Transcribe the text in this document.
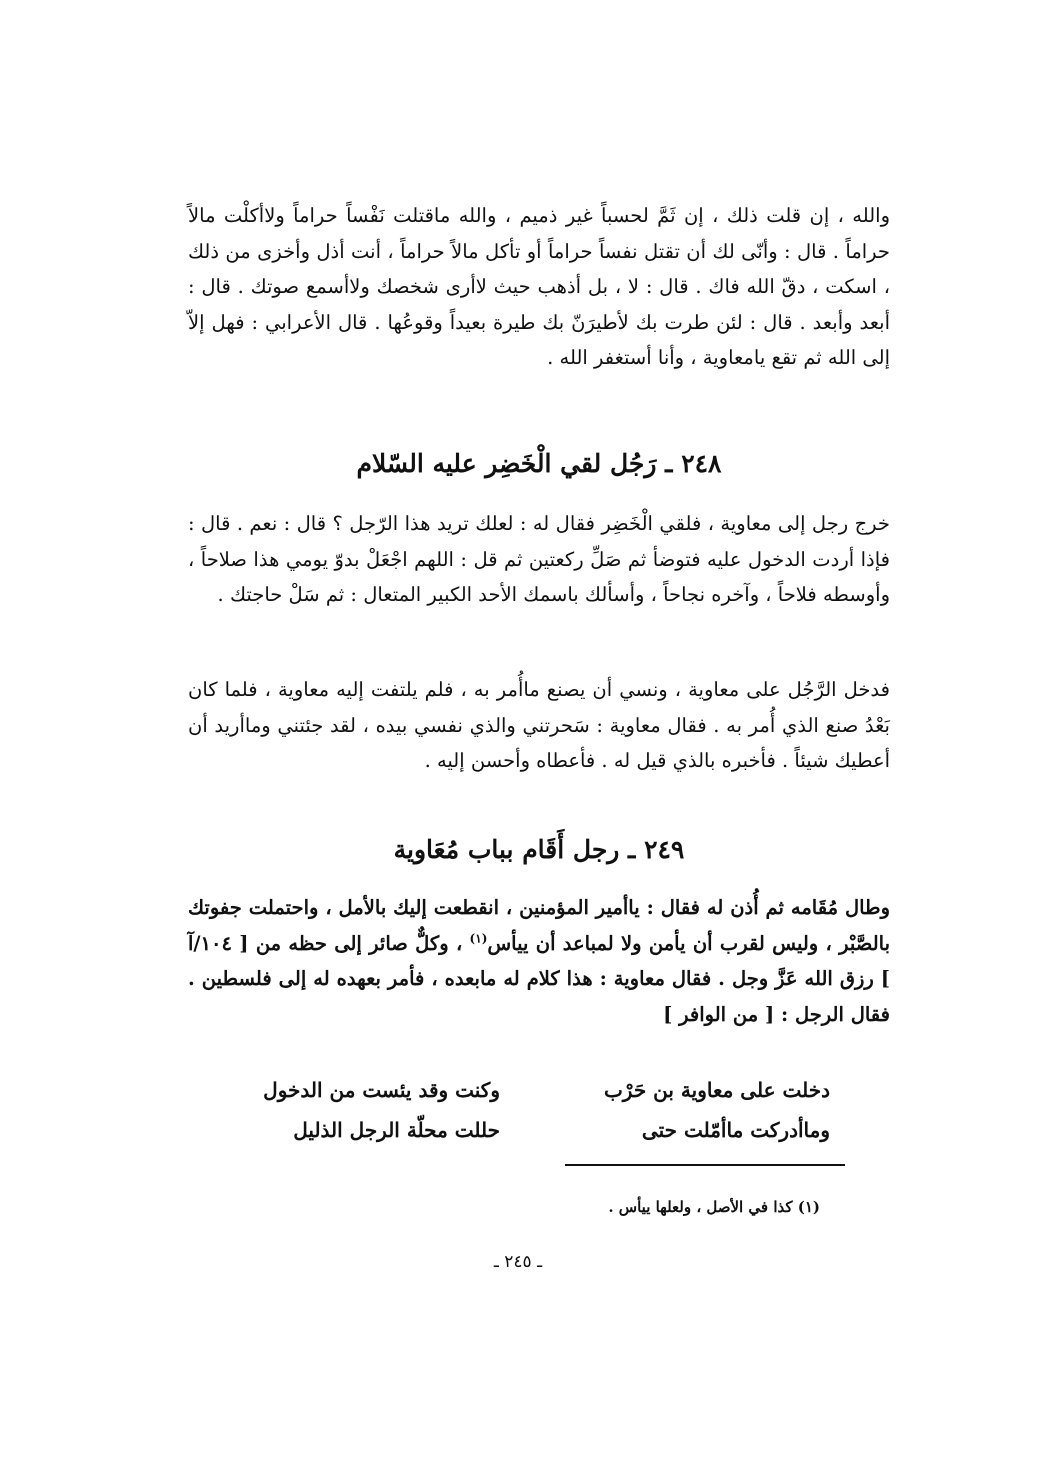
والله ، إن قلت ذلك ، إن ثَمَّ لحسباً غير ذميم ، والله ماقتلت نَفْساً حراماً ولاأكلْت مالاً حراماً . قال : وأنّى لك أن تقتل نفساً حراماً أو تأكل مالاً حراماً ، أنت أذل وأخزى من ذلك ، اسكت ، دقّ الله فاك . قال : لا ، بل أذهب حيث لاأرى شخصك ولاأسمع صوتك . قال : أبعد وأبعد . قال : لئن طرت بك لأطيرَنّ بك طيرة بعيداً وقوعُها . قال الأعرابي : فهل إلاّ إلى الله ثم تقع يامعاوية ، وأنا أستغفر الله .

٢٤٨ ـ رَجُل لقي الْخَضِر عليه السّلام

خرج رجل إلى معاوية ، فلقي الْخَضِر فقال له : لعلك تريد هذا الرّجل ؟ قال : نعم . قال : فإذا أردت الدخول عليه فتوضأ ثم صَلِّ ركعتين ثم قل : اللهم اجْعَلْ بدوّ يومي هذا صلاحاً ، وأوسطه فلاحاً ، وآخره نجاحاً ، وأسألك باسمك الأحد الكبير المتعال : ثم سَلْ حاجتك .

فدخل الرَّجُل على معاوية ، ونسي أن يصنع ماأُمر به ، فلم يلتفت إليه معاوية ، فلما كان بَعْدُ صنع الذي أُمر به . فقال معاوية : سَحرتني والذي نفسي بيده ، لقد جئتني وماأريد أن أعطيك شيئاً . فأخبره بالذي قيل له . فأعطاه وأحسن إليه .

٢٤٩ ـ رجل أَقَام بباب مُعَاوية

وطال مُقَامه ثم أُذن له فقال : ياأمير المؤمنين ، انقطعت إليك بالأمل ، واحتملت جفوتك بالصَّبْر ، وليس لقرب أن يأمن ولا لمباعد أن ييأس$^{(١)}$ ، وكلٌّ صائر إلى حظه من [ ١٠٤/آ ] رزق الله عَزَّ وجل . فقال معاوية : هذا كلام له مابعده ، فأمر بعهده له إلى فلسطين . فقال الرجل : [ من الوافر ]

دخلت على معاوية بن حَرْب
وكنت وقد يئست من الدخول
وماأدركت ماأمّلت حتى
حللت محلّة الرجل الذليل
(١) كذا في الأصل ، ولعلها ييأس .
ـ ٢٤٥ ـ
